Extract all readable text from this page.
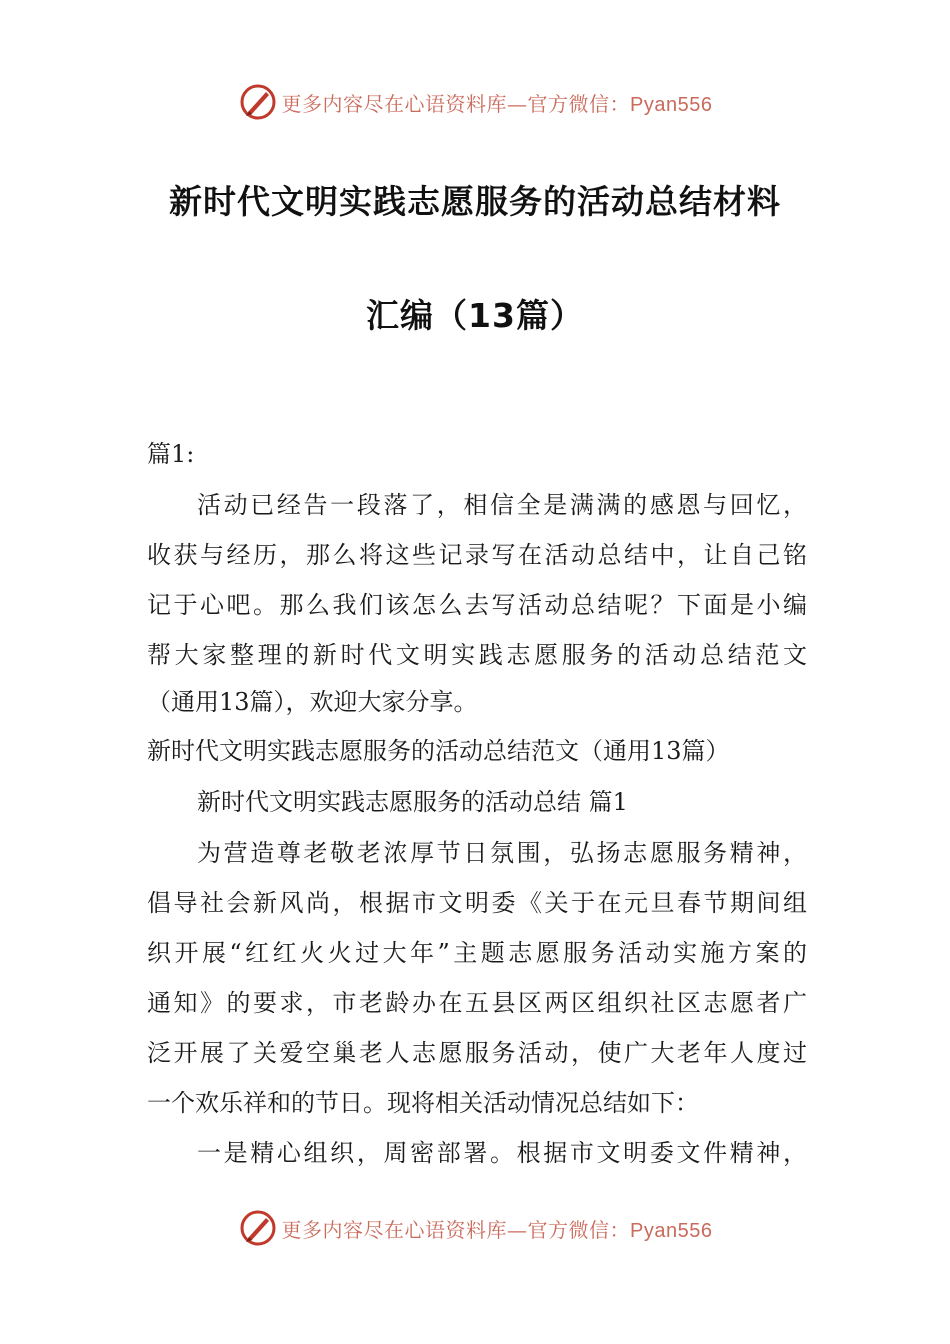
更多内容尽在心语资料库—官方微信：Pyan556
新时代文明实践志愿服务的活动总结材料
汇编（13篇）
篇1:
活动已经告一段落了，相信全是满满的感恩与回忆，
收获与经历，那么将这些记录写在活动总结中，让自己铭
记于心吧。那么我们该怎么去写活动总结呢？下面是小编
帮大家整理的新时代文明实践志愿服务的活动总结范文
（通用13篇），欢迎大家分享。
新时代文明实践志愿服务的活动总结范文（通用13篇）
新时代文明实践志愿服务的活动总结 篇1
为营造尊老敬老浓厚节日氛围，弘扬志愿服务精神，
倡导社会新风尚，根据市文明委《关于在元旦春节期间组
织开展“红红火火过大年”主题志愿服务活动实施方案的
通知》的要求，市老龄办在五县区两区组织社区志愿者广
泛开展了关爱空巢老人志愿服务活动，使广大老年人度过
一个欢乐祥和的节日。现将相关活动情况总结如下：
一是精心组织，周密部署。根据市文明委文件精神，
更多内容尽在心语资料库—官方微信：Pyan556
